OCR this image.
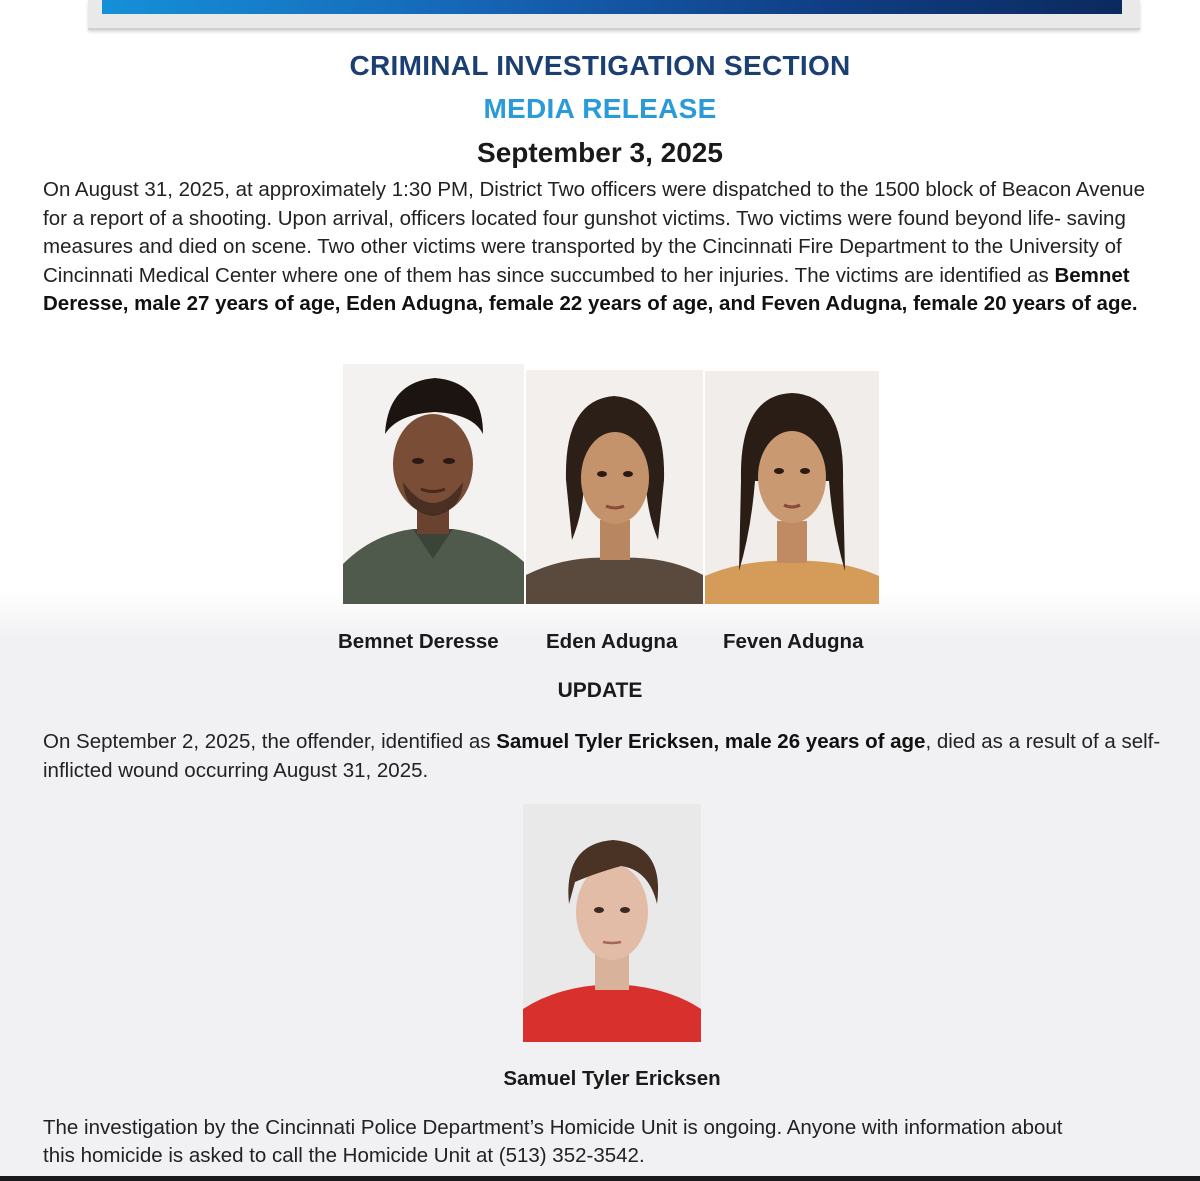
CRIMINAL INVESTIGATION SECTION
MEDIA RELEASE
September 3, 2025
On August 31, 2025, at approximately 1:30 PM, District Two officers were dispatched to the 1500 block of Beacon Avenue for a report of a shooting. Upon arrival, officers located four gunshot victims. Two victims were found beyond life- saving measures and died on scene. Two other victims were transported by the Cincinnati Fire Department to the University of Cincinnati Medical Center where one of them has since succumbed to her injuries. The victims are identified as Bemnet Deresse, male 27 years of age, Eden Adugna, female 22 years of age, and Feven Adugna, female 20 years of age.
Bemnet Deresse Eden Adugna Feven Adugna
UPDATE
On September 2, 2025, the offender, identified as Samuel Tyler Ericksen, male 26 years of age, died as a result of a self-inflicted wound occurring August 31, 2025.
Samuel Tyler Ericksen
The investigation by the Cincinnati Police Department’s Homicide Unit is ongoing. Anyone with information about this homicide is asked to call the Homicide Unit at (513) 352-3542.
